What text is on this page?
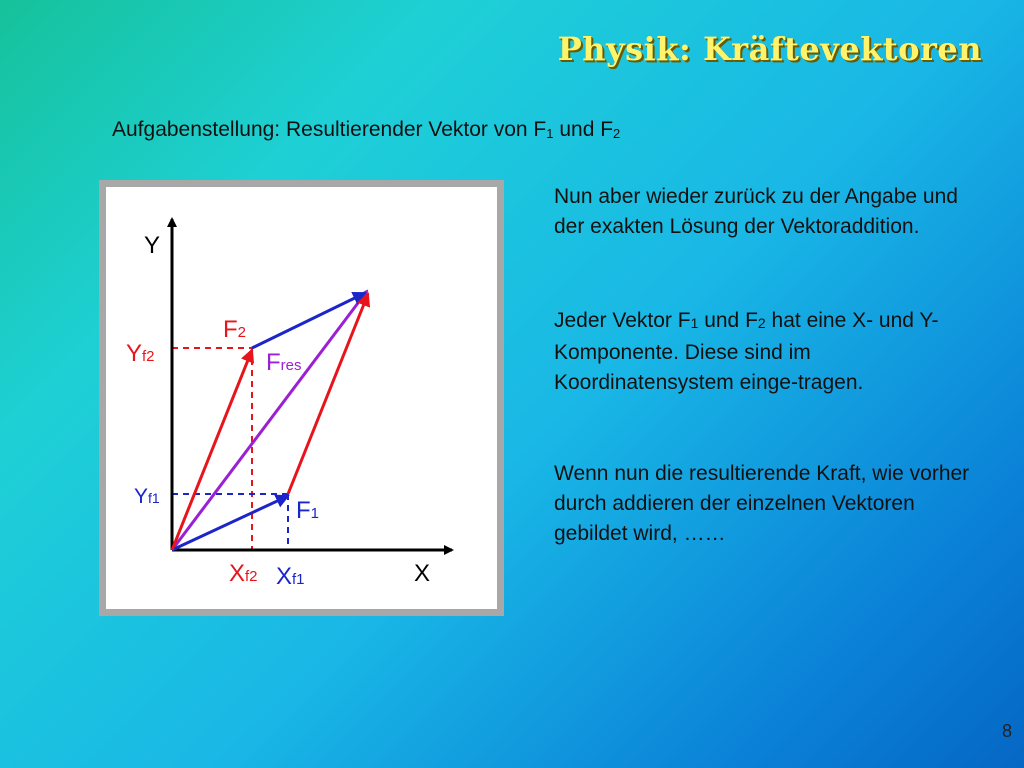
Physik: Kräftevektoren
Aufgabenstellung: Resultierender Vektor von $F_1$ und $F_2$
Y
X
F2
Fres
F1
Yf2
Yf1
Xf2 Xf1
Nun aber wieder zurück zu der Angabe und der exakten Lösung der Vektoraddition.
Jeder Vektor $F_1$ und $F_2$ hat eine X- und Y-Komponente. Diese sind im Koordinatensystem einge-tragen.
Wenn nun die resultierende Kraft, wie vorher durch addieren der einzelnen Vektoren gebildet wird, ……
8
